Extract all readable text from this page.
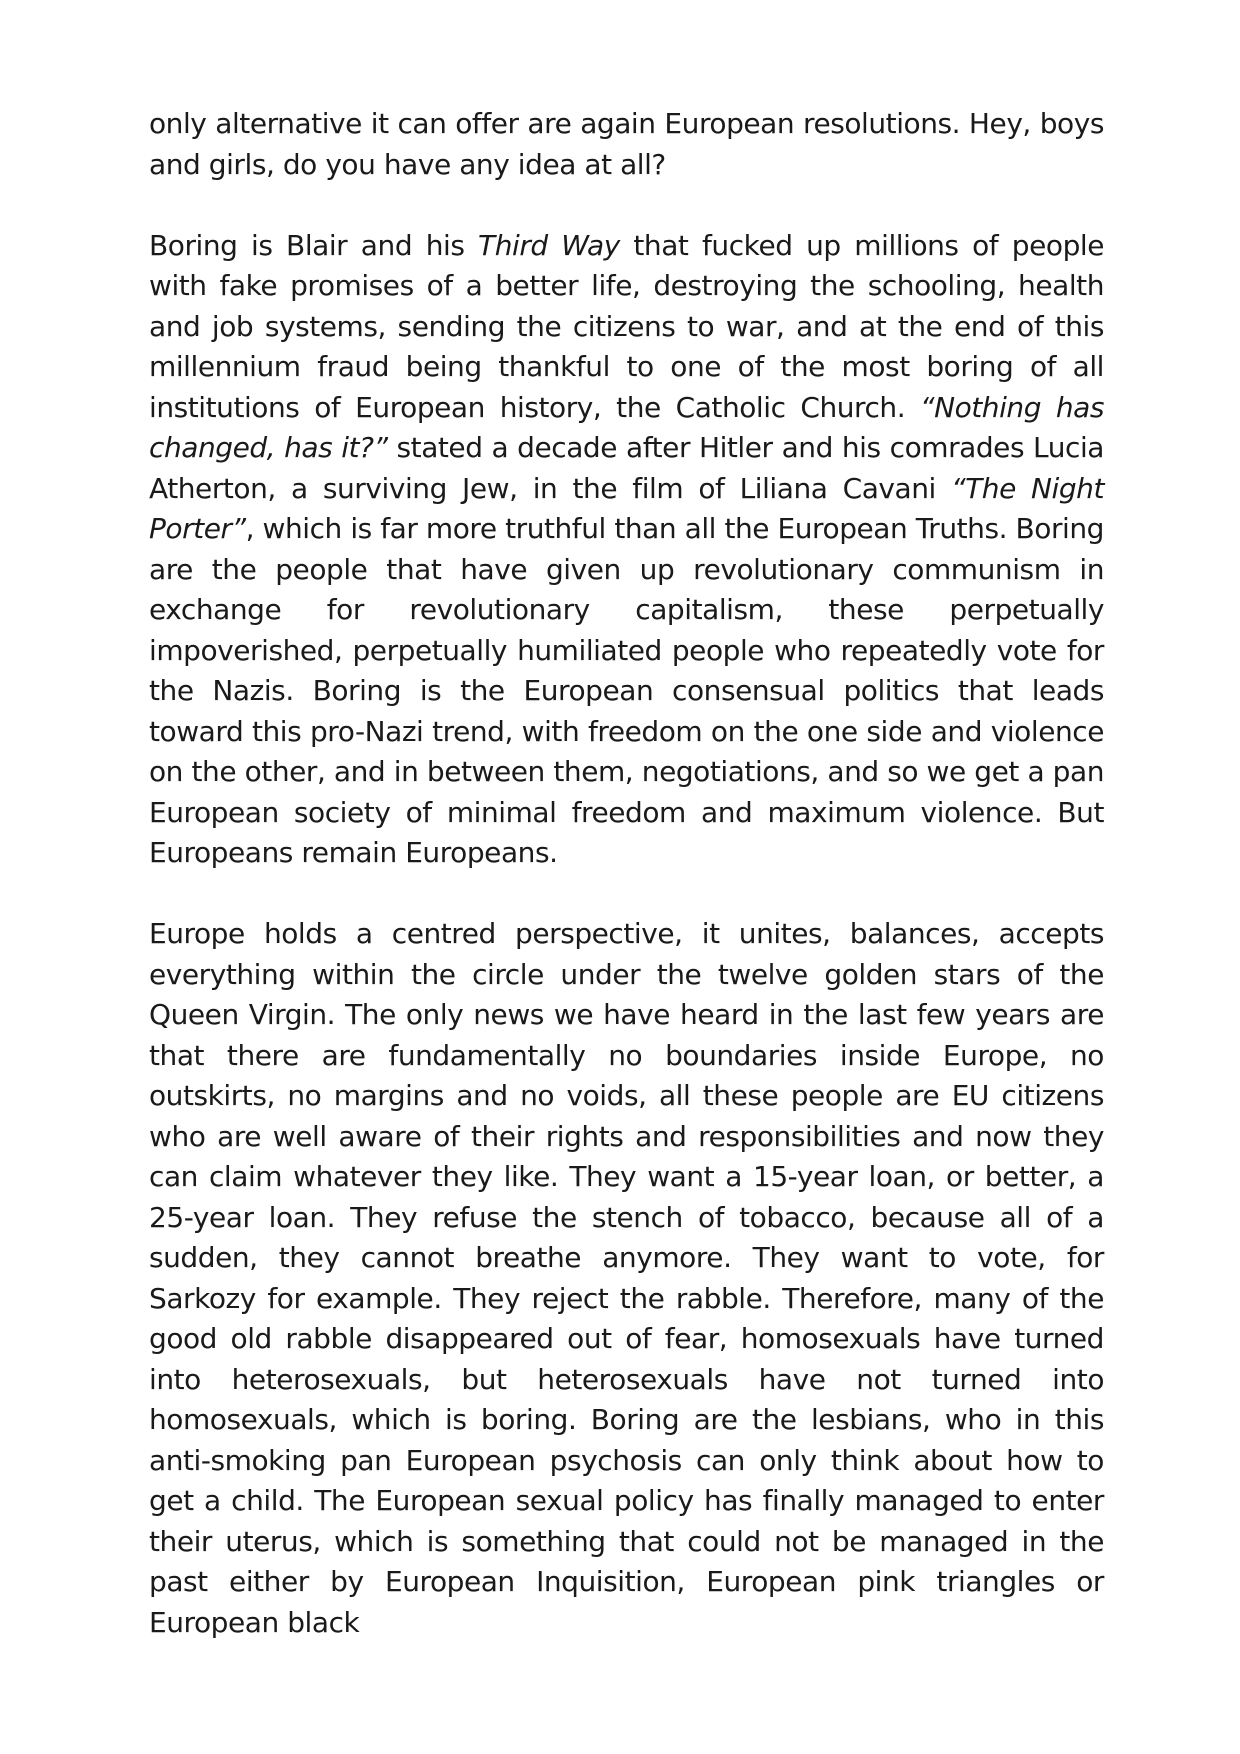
only alternative it can offer are again European resolutions. Hey, boys and girls, do you have any idea at all?

Boring is Blair and his Third Way that fucked up millions of people with fake promises of a better life, destroying the schooling, health and job systems, sending the citizens to war, and at the end of this millennium fraud being thankful to one of the most boring of all institutions of European history, the Catholic Church. “Nothing has changed, has it?” stated a decade after Hitler and his comrades Lucia Atherton, a surviving Jew, in the film of Liliana Cavani “The Night Porter”, which is far more truthful than all the European Truths. Boring are the people that have given up revolutionary communism in exchange for revolutionary capitalism, these perpetually impoverished, perpetually humiliated people who repeatedly vote for the Nazis. Boring is the European consensual politics that leads toward this pro-Nazi trend, with freedom on the one side and violence on the other, and in between them, negotiations, and so we get a pan European society of minimal freedom and maximum violence. But Europeans remain Europeans.

Europe holds a centred perspective, it unites, balances, accepts everything within the circle under the twelve golden stars of the Queen Virgin. The only news we have heard in the last few years are that there are fundamentally no boundaries inside Europe, no outskirts, no margins and no voids, all these people are EU citizens who are well aware of their rights and responsibilities and now they can claim whatever they like. They want a 15-year loan, or better, a 25-year loan. They refuse the stench of tobacco, because all of a sudden, they cannot breathe anymore. They want to vote, for Sarkozy for example. They reject the rabble. Therefore, many of the good old rabble disappeared out of fear, homosexuals have turned into heterosexuals, but heterosexuals have not turned into homosexuals, which is boring. Boring are the lesbians, who in this anti-smoking pan European psychosis can only think about how to get a child. The European sexual policy has finally managed to enter their uterus, which is something that could not be managed in the past either by European Inquisition, European pink triangles or European black
